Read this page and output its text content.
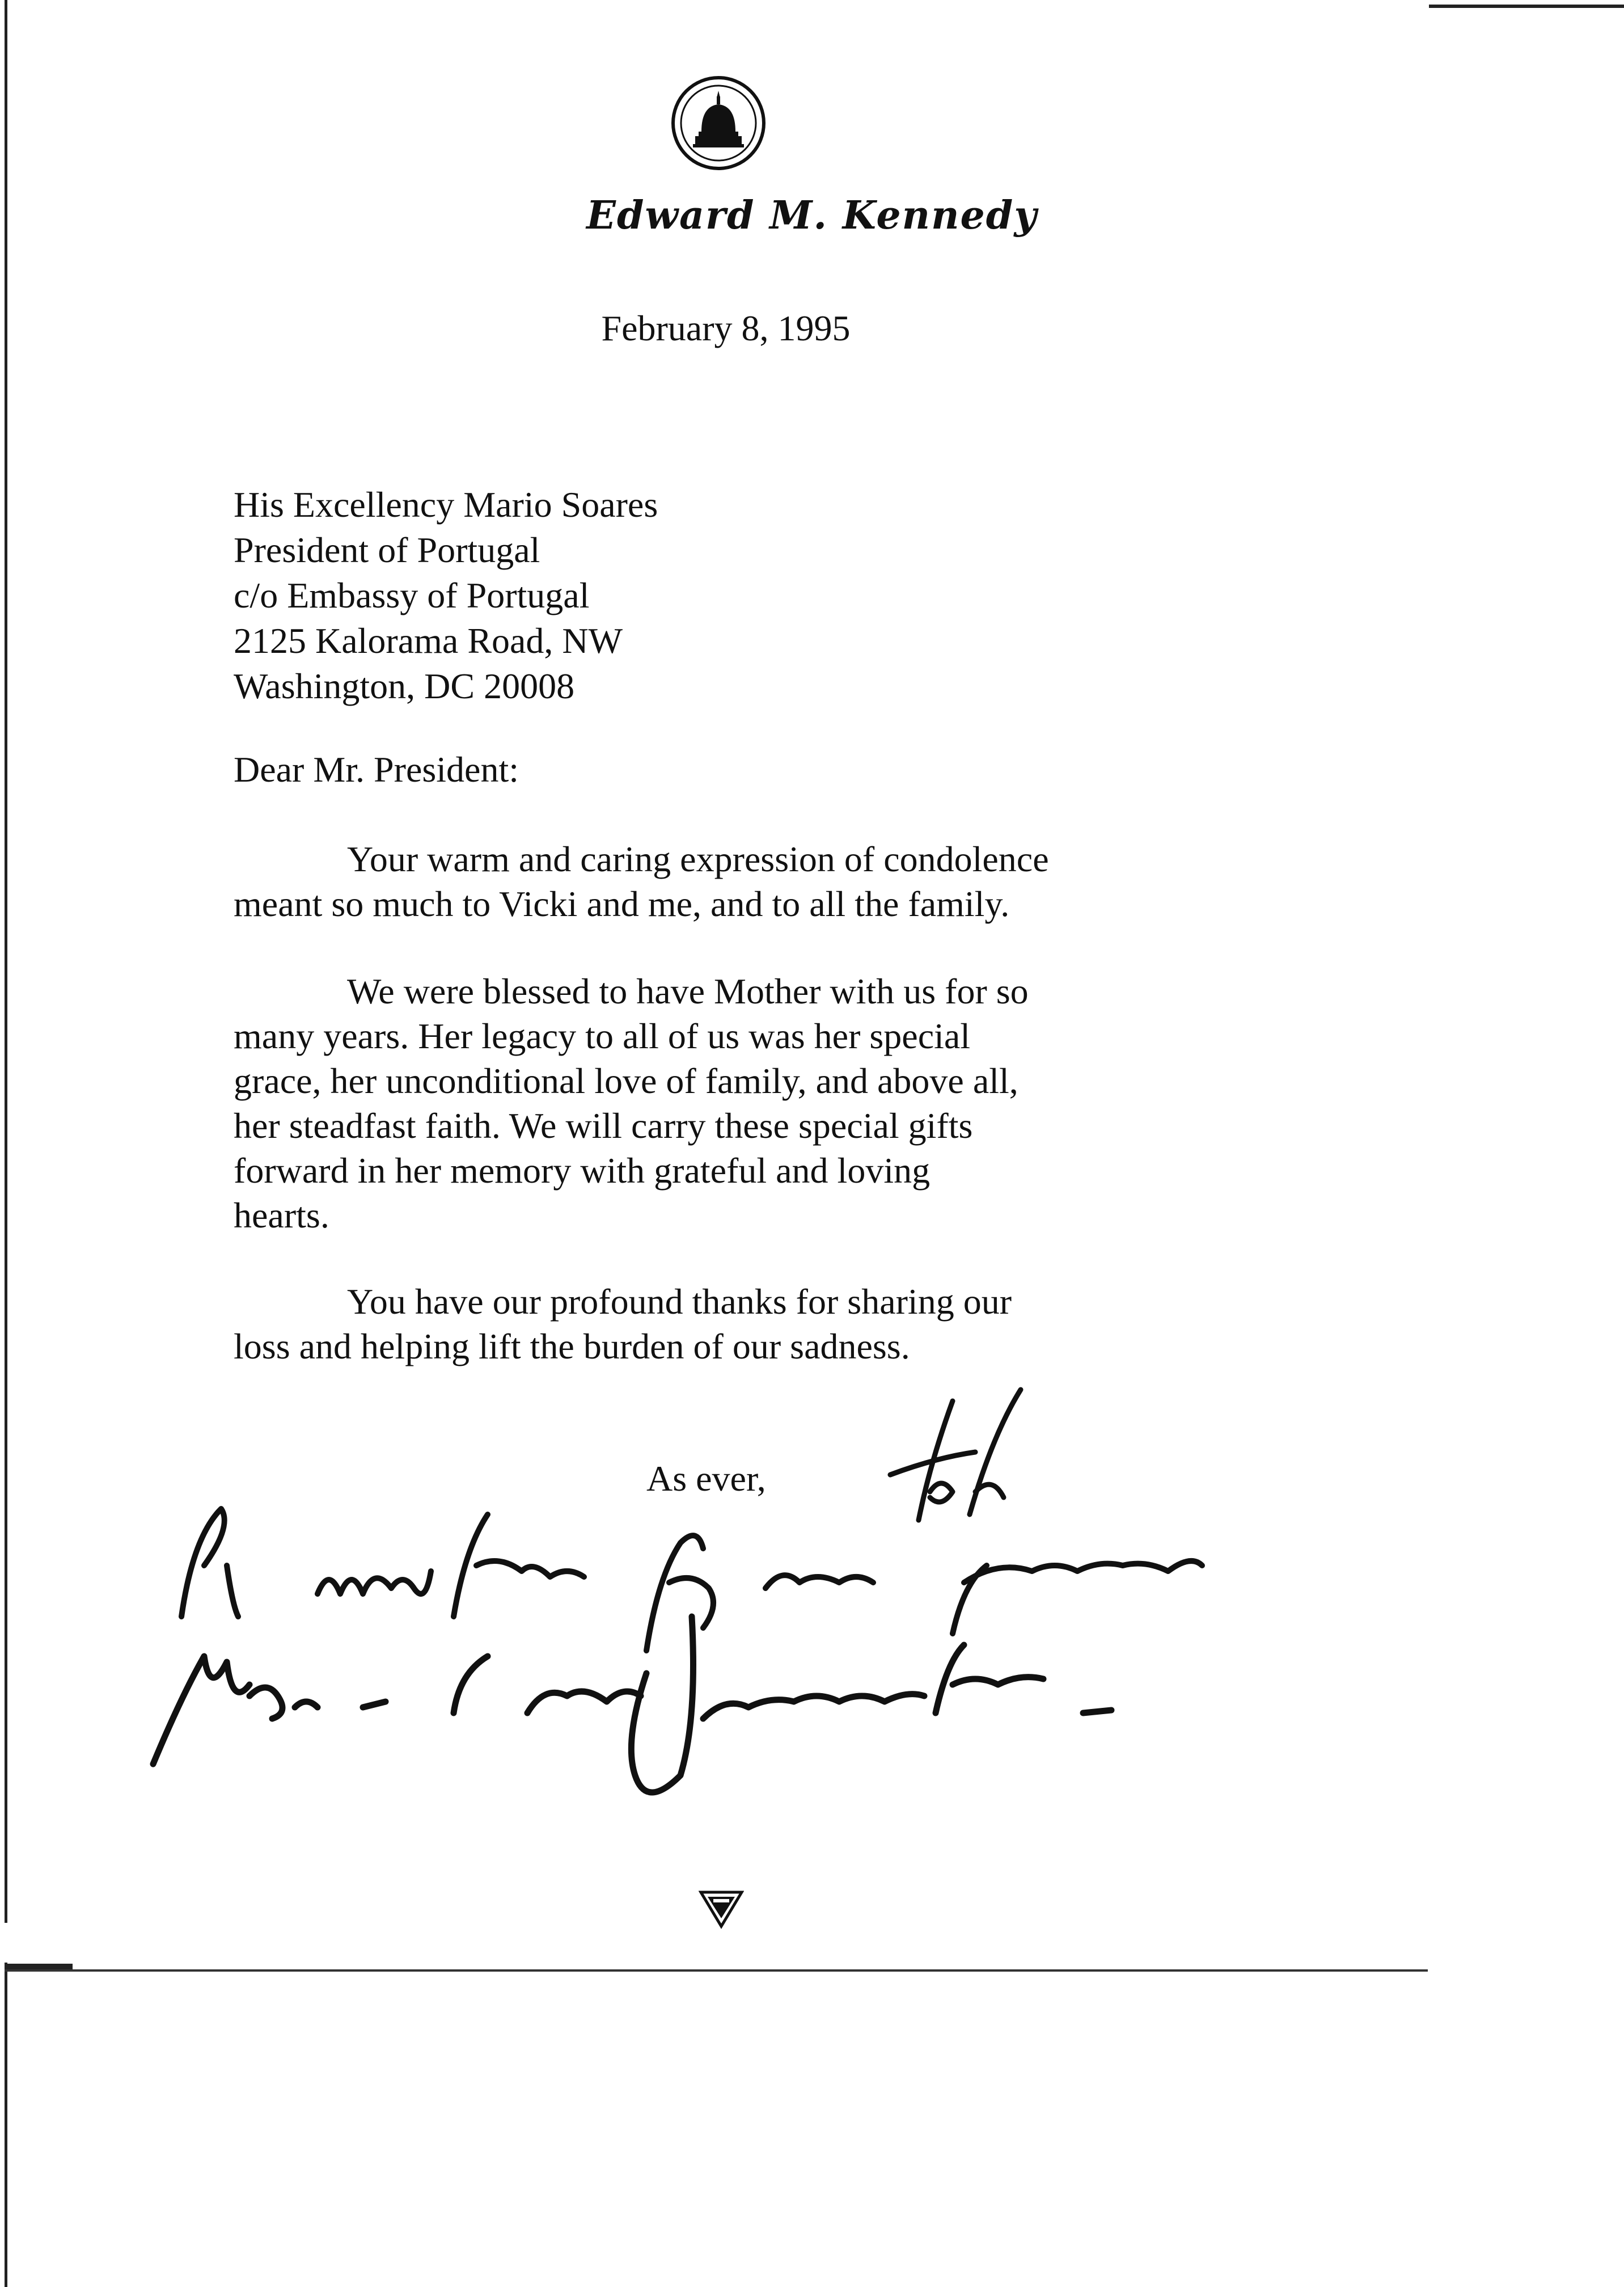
Edward M. Kennedy
February 8, 1995
His Excellency Mario Soares
President of Portugal
c/o Embassy of Portugal
2125 Kalorama Road, NW
Washington, DC 20008
Dear Mr. President:
Your warm and caring expression of condolence
meant so much to Vicki and me, and to all the family.
We were blessed to have Mother with us for so
many years. Her legacy to all of us was her special
grace, her unconditional love of family, and above all,
her steadfast faith. We will carry these special gifts
forward in her memory with grateful and loving
hearts.
You have our profound thanks for sharing our
loss and helping lift the burden of our sadness.
As ever,
